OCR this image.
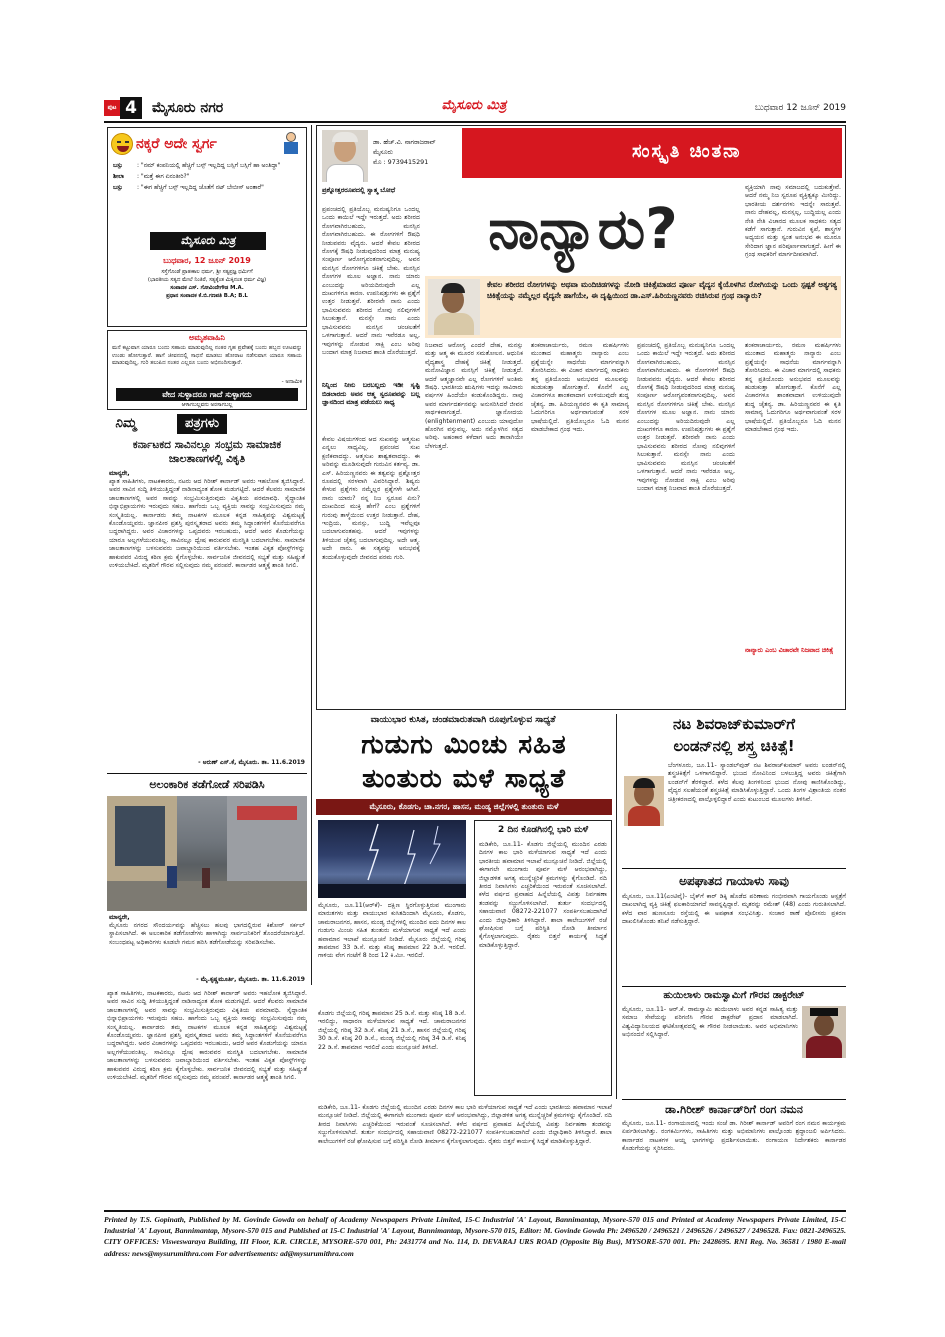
ಪುಟ 4	ಮೈಸೂರು ನಗರ	ಮೈಸೂರು ಮಿತ್ರ	ಬುಧವಾರ 12 ಜೂನ್ 2019
ನಕ್ಕರೆ ಅದೇ ಸ್ವರ್ಗ
ಬಸ್ಸು	: "ನಮ್ ಕಂಪನಿಯಲ್ಲಿ ಹೆಚ್ಚಿಗೆ ಬಸ್ಸ್ ಇಲ್ಲದಿದ್ದ ಬಸ್ಸಿಗೆ ಬಸ್ಸಿಗೆ ಹಾ ಅಂತಿದ್ದಾ"
ಶೀಲಾ	: "ಮತ್ತೆ ಈಗ ಏನಂತೀರಿ?"
ಬಸ್ಸು	: "ಈಗ ಹೆಚ್ಚಿಗೆ ಬಸ್ಸ್ ಇಲ್ಲದಿದ್ದ ಜೊತೆಗೆ ನಟ್ ಬೇಬೀಸ್ ಅಂತಾರೆ"
ಮೈಸೂರು ಮಿತ್ರ
ಬುಧವಾರ, 12 ಜೂನ್ 2019
ಸಸ್ತೆಗೊಂಡೆ ಪ್ರಾತಃಕಾಲ ಧರ್ಮ, ಶ್ರೀ ಸತ್ಯಪ್ರಜ್ಞ ಧರ್ಮಿಗೆ
(ಭಾರತೀಯ ಸತ್ಯದ ಮೇಲೆ ನಿಂತಿರೆ, ಸತ್ಯಕ್ಕೆಂತ ಮಿಕ್ಕಿನಂತ ಧರ್ಮ ವಿಜ್ಞ)
ಸಂಪಾದಕ ಎಸ್. ಗೋವಿಂದೇಗೌಡ M.A.
ಪ್ರಧಾನ ಸಂಪಾದಕ ಕೆ.ಬಿ.ಗಣಪತಿ B.A; B.L
ಅಮೃತವಾಹಿನಿ
ಮನೆ ಕಟ್ಟುವಾಗ ಯಾರೂ ಬಂದು ಸಹಾಯ ಮಾಡುವುದಿಲ್ಲ ನಂತರ ಗೃಹ ಪ್ರವೇಶಕ್ಕೆ ಬಂದು ಹಬ್ಬದ ಊಟವನ್ನು ಉಂಡು ಹೋಗುತ್ತಾರೆ. ಹಾಗೆ ಜೀವನದಲ್ಲಿ ಸಾಧನೆ ಮಾಡಲು ಹೋರಾಟ ನಡೆಸುವಾಗ ಯಾರೂ ಸಹಾಯ ಮಾಡುವುದಿಲ್ಲ, ಗುರಿ ತಲುಪಿದ ನಂತರ ಎಲ್ಲರೂ ಬಂದು ಅಭಿನಂದಿಸುತ್ತಾರೆ.
- ಅನಾಮಿಕ
ವೇದ ಸುಳ್ಳಾದರೂ ಗಾದೆ ಸುಳ್ಳಾಗದು
ಆಳಾಗಬಲ್ಲವನು ಅರಸಾಗಬಲ್ಲ
ನಿಮ್ಮ	ಪತ್ರಗಳು
ಕರ್ನಾಟಕದ ಸಾವಿನಲ್ಲೂ ಸಂಭ್ರಮ ಸಾಮಾಜಿಕ ಜಾಲತಾಣಗಳಲ್ಲಿ ವಿಕೃತಿ
ಮಾನ್ಯರೇ,
ಖ್ಯಾತ ಸಾಹಿತಿಗಳು, ನಾಟಕಕಾರರು, ನಟರು ಆದ ಗಿರೀಶ್ ಕಾರ್ನಾಡ್ ಅವರು ಇಹಲೋಕ ತ್ಯಜಿಸಿದ್ದಾರೆ. ಅವರ ಸಾವಿನ ಸುದ್ದಿ ತಿಳಿಯುತ್ತಿದ್ದಂತೆ ನಾಡಿನಾದ್ಯಂತ ಶೋಕ ಮಡುಗಟ್ಟಿದೆ. ಆದರೆ ಕೆಲವರು ಸಾಮಾಜಿಕ ಜಾಲತಾಣಗಳಲ್ಲಿ ಅವರ ಸಾವನ್ನು ಸಂಭ್ರಮಿಸುತ್ತಿರುವುದು ವಿಕೃತಿಯ ಪರಮಾವಧಿ. ಸೈದ್ಧಾಂತಿಕ ಭಿನ್ನಾಭಿಪ್ರಾಯಗಳು ಇರುವುದು ಸಹಜ. ಹಾಗೆಂದು ಒಬ್ಬ ವ್ಯಕ್ತಿಯ ಸಾವನ್ನು ಸಂಭ್ರಮಿಸುವುದು ನಮ್ಮ ಸಂಸ್ಕೃತಿಯಲ್ಲ. ಕಾರ್ನಾಡರು ತಮ್ಮ ನಾಟಕಗಳ ಮೂಲಕ ಕನ್ನಡ ಸಾಹಿತ್ಯವನ್ನು ವಿಶ್ವಮಟ್ಟಕ್ಕೆ ಕೊಂಡೊಯ್ದವರು. ಜ್ಞಾನಪೀಠ ಪ್ರಶಸ್ತಿ ಪುರಸ್ಕೃತರಾದ ಅವರು ತಮ್ಮ ಸಿದ್ಧಾಂತಗಳಿಗೆ ಕೊನೆಯವರೆಗೂ ಬದ್ಧರಾಗಿದ್ದರು. ಅವರ ವಿಚಾರಗಳನ್ನು ಒಪ್ಪದವರು ಇರಬಹುದು, ಆದರೆ ಅವರ ಕೊಡುಗೆಯನ್ನು ಯಾರೂ ಅಲ್ಲಗಳೆಯುವಂತಿಲ್ಲ. ಸಾವಿನಲ್ಲೂ ದ್ವೇಷ ಕಾರುವವರ ಮನಸ್ಥಿತಿ ಬದಲಾಗಬೇಕು. ಸಾಮಾಜಿಕ ಜಾಲತಾಣಗಳನ್ನು ಬಳಸುವವರು ಜವಾಬ್ದಾರಿಯಿಂದ ವರ್ತಿಸಬೇಕು. ಇಂತಹ ವಿಕೃತ ಪೋಸ್ಟ್‌ಗಳನ್ನು ಹಾಕುವವರ ವಿರುದ್ಧ ಕಠಿಣ ಕ್ರಮ ಕೈಗೊಳ್ಳಬೇಕು. ಸಾರ್ವಜನಿಕ ಜೀವನದಲ್ಲಿ ಸಭ್ಯತೆ ಮತ್ತು ಸಹಿಷ್ಣುತೆ ಉಳಿಯಬೇಕಿದೆ. ಮೃತರಿಗೆ ಗೌರವ ಸಲ್ಲಿಸುವುದು ನಮ್ಮ ಪರಂಪರೆ. ಕಾರ್ನಾಡರ ಆತ್ಮಕ್ಕೆ ಶಾಂತಿ ಸಿಗಲಿ.
- ಅರುಣ್ ಎಸ್.ಕೆ, ಮೈಸೂರು. ತಾ. 11.6.2019
ಅಲಂಕಾರಿಕ ತಡೆಗೋಡೆ ಸರಿಪಡಿಸಿ
ಮಾನ್ಯರೇ,
ಮೈಸೂರು ನಗರದ ಸೌಂದರ್ಯವನ್ನು ಹೆಚ್ಚಿಸಲು ಹಲವು ಭಾಗದಲ್ಲಿರುವ ಕಿಶೋರ್ ಸರ್ಕಲ್ ಸ್ಥಾಪಿಸಲಾಗಿದೆ. ಈ ಅಲಂಕಾರಿಕ ತಡೆಗೋಡೆಗಳು ಹಾಳಾಗಿದ್ದು ಸಾರ್ವಜನಿಕರಿಗೆ ತೊಂದರೆಯಾಗುತ್ತಿದೆ. ಸಂಬಂಧಪಟ್ಟ ಅಧಿಕಾರಿಗಳು ಕೂಡಲೇ ಗಮನ ಹರಿಸಿ ತಡೆಗೋಡೆಯನ್ನು ಸರಿಪಡಿಸಬೇಕು.
- ಮೈ.ಕೃಷ್ಣಮೂರ್ತಿ, ಮೈಸೂರು. ತಾ. 11.6.2019
ಡಾ. ಹೆಚ್.ವಿ. ನಾಗರಾಜರಾವ್
ಮೈಸೂರು
ಮೊ : 9739415291	ಸಂಸ್ಕೃತಿ ಚಿಂತನಾ
ಪ್ರಶ್ನೋತ್ತರರೂಪದಲ್ಲಿ ಸ್ವಾತ್ಮ ಬೋಧೆ
ಪ್ರಪಂಚದಲ್ಲಿ ಪ್ರತಿಯೊಬ್ಬ ಮನುಷ್ಯನಿಗೂ ಒಂದಲ್ಲ ಒಂದು ಕಾಯಿಲೆ ಇದ್ದೇ ಇರುತ್ತದೆ. ಅದು ಶರೀರದ ರೋಗವಾಗಿರಬಹುದು, ಮನಸ್ಸಿನ ರೋಗವಾಗಿರಬಹುದು. ಈ ರೋಗಗಳಿಗೆ ಔಷಧಿ ನೀಡುವವರು ವೈದ್ಯರು. ಆದರೆ ಕೇವಲ ಶರೀರದ ರೋಗಕ್ಕೆ ಔಷಧಿ ನೀಡುವುದರಿಂದ ಮಾತ್ರ ಮನುಷ್ಯ ಸಂಪೂರ್ಣ ಆರೋಗ್ಯವಂತನಾಗುವುದಿಲ್ಲ. ಅವನ ಮನಸ್ಸಿನ ರೋಗಗಳಿಗೂ ಚಿಕಿತ್ಸೆ ಬೇಕು. ಮನಸ್ಸಿನ ರೋಗಗಳ ಮೂಲ ಅಜ್ಞಾನ. ನಾನು ಯಾರು ಎಂಬುದನ್ನು ಅರಿಯದಿರುವುದೇ ಎಲ್ಲ ದುಃಖಗಳಿಗೂ ಕಾರಣ. ಉಪನಿಷತ್ತುಗಳು ಈ ಪ್ರಶ್ನೆಗೆ ಉತ್ತರ ನೀಡುತ್ತವೆ. ಶರೀರವೇ ನಾನು ಎಂದು ಭಾವಿಸುವವನು ಶರೀರದ ನೋವು ನಲಿವುಗಳಿಗೆ ಸಿಲುಕುತ್ತಾನೆ. ಮನಸ್ಸೇ ನಾನು ಎಂದು ಭಾವಿಸುವವನು ಮನಸ್ಸಿನ ಚಂಚಲತೆಗೆ ಒಳಗಾಗುತ್ತಾನೆ. ಆದರೆ ನಾನು ಇವೆರಡೂ ಅಲ್ಲ, ಇವುಗಳನ್ನು ನೋಡುವ ಸಾಕ್ಷಿ ಎಂಬ ಅರಿವು ಬಂದಾಗ ಮಾತ್ರ ನಿಜವಾದ ಶಾಂತಿ ದೊರೆಯುತ್ತದೆ.
ನಿನ್ನಿಂದ ನೀನು ಬರಬಲ್ಲದು ಇಡೀ ಸೃಷ್ಟಿ ಬಿಡಲಾರದು ಅವನ ಆತ್ಮ ಸ್ವರೂಪವನ್ನು ಬಲ್ಲ ಜ್ಞಾನದಿಂದ ಮಾತ್ರ ಪಡೆಯಲು ಸಾಧ್ಯ
ಕೇವಲ ವಿಷಯಗಳಿಂದ ಆದ ಸುಖವನ್ನು ಆತ್ಮಸುಖ ಎನ್ನಲು ಸಾಧ್ಯವಿಲ್ಲ. ಪ್ರಪಂಚದ ಸುಖ ಕ್ಷಣಿಕವಾದದ್ದು. ಆತ್ಮಸುಖ ಶಾಶ್ವತವಾದದ್ದು. ಈ ಅರಿವನ್ನು ಮೂಡಿಸುವುದೇ ಗುರುವಿನ ಕರ್ತವ್ಯ. ಡಾ. ಎಸ್. ಹಿರಿಯಣ್ಣನವರು ಈ ತತ್ವವನ್ನು ಪ್ರಶ್ನೋತ್ತರ ರೂಪದಲ್ಲಿ ಸರಳವಾಗಿ ವಿವರಿಸಿದ್ದಾರೆ. ಶಿಷ್ಯನು ಕೇಳುವ ಪ್ರಶ್ನೆಗಳು ನಮ್ಮೆಲ್ಲರ ಪ್ರಶ್ನೆಗಳೇ ಆಗಿವೆ. ನಾನು ಯಾರು? ನನ್ನ ನಿಜ ಸ್ವರೂಪ ಏನು? ದುಃಖದಿಂದ ಮುಕ್ತಿ ಹೇಗೆ? ಎಂಬ ಪ್ರಶ್ನೆಗಳಿಗೆ ಗುರುವು ತಾಳ್ಮೆಯಿಂದ ಉತ್ತರ ನೀಡುತ್ತಾನೆ. ದೇಹ, ಇಂದ್ರಿಯ, ಮನಸ್ಸು, ಬುದ್ಧಿ ಇವೆಲ್ಲವೂ ಬದಲಾಗುವಂತಹವು. ಆದರೆ ಇವುಗಳನ್ನು ತಿಳಿಯುವ ಚೈತನ್ಯ ಬದಲಾಗುವುದಿಲ್ಲ. ಅದೇ ಆತ್ಮ. ಅದೇ ನಾನು. ಈ ಸತ್ಯವನ್ನು ಅನುಭವಕ್ಕೆ ತಂದುಕೊಳ್ಳುವುದೇ ಜೀವನದ ಪರಮ ಗುರಿ.
ನಾನ್ಯಾರು?
ಕೇವಲ ಶರೀರದ ರೋಗಗಳನ್ನು ಅಥವಾ ಮಂದಿಚಿಡಗಳನ್ನು ನೋಡಿ ಚಿಕಿತ್ಸೆಮಾಡದ ಪೂರ್ಣ ವೈದ್ಯನ ಕೈಯೊಳಗಿನ ರೋಗಿಯನ್ನು ಒಂದು ಸ್ಪಷ್ಟತೆ ಅತ್ಯಗತ್ಯ ಚಿಕಿತ್ಸೆಯನ್ನು ನಮ್ಮೆಲ್ಲರ ವೈದ್ಯನೇ ಹಾಗೆಯೇ, ಈ ದೃಷ್ಟಿಯಿಂದ ಡಾ.ಎಸ್.ಹಿರಿಯಣ್ಣನವರು ರಚಿಸಿರುವ ಗ್ರಂಥ ನಾನ್ಯಾರು?
ನಿಜವಾದ ಆರೋಗ್ಯ ಎಂದರೆ ದೇಹ, ಮನಸ್ಸು ಮತ್ತು ಆತ್ಮ ಈ ಮೂರರ ಸಮತೋಲನ. ಆಧುನಿಕ ವೈದ್ಯಶಾಸ್ತ್ರ ದೇಹಕ್ಕೆ ಚಿಕಿತ್ಸೆ ನೀಡುತ್ತದೆ. ಮನೋವಿಜ್ಞಾನ ಮನಸ್ಸಿಗೆ ಚಿಕಿತ್ಸೆ ನೀಡುತ್ತದೆ. ಆದರೆ ಆತ್ಮಜ್ಞಾನವೇ ಎಲ್ಲ ರೋಗಗಳಿಗೆ ಅಂತಿಮ ಔಷಧಿ. ಭಾರತೀಯ ಋಷಿಗಳು ಇದನ್ನು ಸಾವಿರಾರು ವರ್ಷಗಳ ಹಿಂದೆಯೇ ಕಂಡುಕೊಂಡಿದ್ದರು. ನಾವು ಅವರ ಮಾರ್ಗದರ್ಶನವನ್ನು ಅನುಸರಿಸಿದರೆ ಜೀವನ ಸಾರ್ಥಕವಾಗುತ್ತದೆ. ಜ್ಞಾನೋದಯ (enlightenment) ಎಂಬುದು ಯಾವುದೋ ಹೊರಗಿನ ವಸ್ತುವಲ್ಲ. ಅದು ನಮ್ಮೊಳಗಿನ ಸತ್ಯದ ಅರಿವು. ಅಹಂಕಾರ ಕಳೆದಾಗ ಅದು ತಾನಾಗಿಯೇ ಬೆಳಗುತ್ತದೆ.
ಶಂಕರಾಚಾರ್ಯರು, ರಮಣ ಮಹರ್ಷಿಗಳು ಮುಂತಾದ ಮಹಾತ್ಮರು ನಾನ್ಯಾರು ಎಂಬ ಪ್ರಶ್ನೆಯನ್ನೇ ಸಾಧನೆಯ ಮಾರ್ಗವನ್ನಾಗಿ ತೋರಿಸಿದರು. ಈ ವಿಚಾರ ಮಾರ್ಗದಲ್ಲಿ ಸಾಧಕನು ತನ್ನ ಪ್ರತಿಯೊಂದು ಅನುಭವದ ಮೂಲವನ್ನು ಹುಡುಕುತ್ತಾ ಹೋಗುತ್ತಾನೆ. ಕೊನೆಗೆ ಎಲ್ಲ ವಿಚಾರಗಳೂ ಶಾಂತವಾದಾಗ ಉಳಿಯುವುದೇ ಶುದ್ಧ ಚೈತನ್ಯ. ಡಾ. ಹಿರಿಯಣ್ಣನವರ ಈ ಕೃತಿ ಸಾಮಾನ್ಯ ಓದುಗರಿಗೂ ಅರ್ಥವಾಗುವಂತೆ ಸರಳ ಭಾಷೆಯಲ್ಲಿದೆ. ಪ್ರತಿಯೊಬ್ಬರೂ ಓದಿ ಮನನ ಮಾಡಬೇಕಾದ ಗ್ರಂಥ ಇದು.
ಪ್ರಪಂಚದಲ್ಲಿ ಪ್ರತಿಯೊಬ್ಬ ಮನುಷ್ಯನಿಗೂ ಒಂದಲ್ಲ ಒಂದು ಕಾಯಿಲೆ ಇದ್ದೇ ಇರುತ್ತದೆ. ಅದು ಶರೀರದ ರೋಗವಾಗಿರಬಹುದು, ಮನಸ್ಸಿನ ರೋಗವಾಗಿರಬಹುದು. ಈ ರೋಗಗಳಿಗೆ ಔಷಧಿ ನೀಡುವವರು ವೈದ್ಯರು. ಆದರೆ ಕೇವಲ ಶರೀರದ ರೋಗಕ್ಕೆ ಔಷಧಿ ನೀಡುವುದರಿಂದ ಮಾತ್ರ ಮನುಷ್ಯ ಸಂಪೂರ್ಣ ಆರೋಗ್ಯವಂತನಾಗುವುದಿಲ್ಲ. ಅವನ ಮನಸ್ಸಿನ ರೋಗಗಳಿಗೂ ಚಿಕಿತ್ಸೆ ಬೇಕು. ಮನಸ್ಸಿನ ರೋಗಗಳ ಮೂಲ ಅಜ್ಞಾನ. ನಾನು ಯಾರು ಎಂಬುದನ್ನು ಅರಿಯದಿರುವುದೇ ಎಲ್ಲ ದುಃಖಗಳಿಗೂ ಕಾರಣ. ಉಪನಿಷತ್ತುಗಳು ಈ ಪ್ರಶ್ನೆಗೆ ಉತ್ತರ ನೀಡುತ್ತವೆ. ಶರೀರವೇ ನಾನು ಎಂದು ಭಾವಿಸುವವನು ಶರೀರದ ನೋವು ನಲಿವುಗಳಿಗೆ ಸಿಲುಕುತ್ತಾನೆ. ಮನಸ್ಸೇ ನಾನು ಎಂದು ಭಾವಿಸುವವನು ಮನಸ್ಸಿನ ಚಂಚಲತೆಗೆ ಒಳಗಾಗುತ್ತಾನೆ. ಆದರೆ ನಾನು ಇವೆರಡೂ ಅಲ್ಲ, ಇವುಗಳನ್ನು ನೋಡುವ ಸಾಕ್ಷಿ ಎಂಬ ಅರಿವು ಬಂದಾಗ ಮಾತ್ರ ನಿಜವಾದ ಶಾಂತಿ ದೊರೆಯುತ್ತದೆ.
ವ್ಯಕ್ತಿಯಾಗಿ ನಾವು ಸಮಾಜದಲ್ಲಿ ಬದುಕುತ್ತೇವೆ. ಆದರೆ ನಮ್ಮ ನಿಜ ಸ್ವರೂಪ ವ್ಯಕ್ತಿತ್ವಕ್ಕೂ ಮೀರಿದ್ದು. ಭಾರತೀಯ ದರ್ಶನಗಳು ಇದನ್ನೇ ಸಾರುತ್ತವೆ. ನಾನು ದೇಹವಲ್ಲ, ಮನಸ್ಸಲ್ಲ, ಬುದ್ಧಿಯಲ್ಲ ಎಂದು ನೇತಿ ನೇತಿ ವಿಚಾರದ ಮೂಲಕ ಸಾಧಕನು ಸತ್ಯದ ಕಡೆಗೆ ಸಾಗುತ್ತಾನೆ. ಗುರುವಿನ ಕೃಪೆ, ಶಾಸ್ತ್ರಗಳ ಅಧ್ಯಯನ ಮತ್ತು ಸ್ವಂತ ಅನುಭವ ಈ ಮೂರೂ ಸೇರಿದಾಗ ಜ್ಞಾನ ಪರಿಪೂರ್ಣವಾಗುತ್ತದೆ. ಹೀಗೆ ಈ ಗ್ರಂಥ ಸಾಧಕರಿಗೆ ಮಾರ್ಗದೀಪವಾಗಿದೆ.
ಶಂಕರಾಚಾರ್ಯರು, ರಮಣ ಮಹರ್ಷಿಗಳು ಮುಂತಾದ ಮಹಾತ್ಮರು ನಾನ್ಯಾರು ಎಂಬ ಪ್ರಶ್ನೆಯನ್ನೇ ಸಾಧನೆಯ ಮಾರ್ಗವನ್ನಾಗಿ ತೋರಿಸಿದರು. ಈ ವಿಚಾರ ಮಾರ್ಗದಲ್ಲಿ ಸಾಧಕನು ತನ್ನ ಪ್ರತಿಯೊಂದು ಅನುಭವದ ಮೂಲವನ್ನು ಹುಡುಕುತ್ತಾ ಹೋಗುತ್ತಾನೆ. ಕೊನೆಗೆ ಎಲ್ಲ ವಿಚಾರಗಳೂ ಶಾಂತವಾದಾಗ ಉಳಿಯುವುದೇ ಶುದ್ಧ ಚೈತನ್ಯ. ಡಾ. ಹಿರಿಯಣ್ಣನವರ ಈ ಕೃತಿ ಸಾಮಾನ್ಯ ಓದುಗರಿಗೂ ಅರ್ಥವಾಗುವಂತೆ ಸರಳ ಭಾಷೆಯಲ್ಲಿದೆ. ಪ್ರತಿಯೊಬ್ಬರೂ ಓದಿ ಮನನ ಮಾಡಬೇಕಾದ ಗ್ರಂಥ ಇದು.
ನಾನ್ಯಾರು ಎಂಬ ವಿಚಾರವೇ ನಿಜವಾದ ಚಿಕಿತ್ಸೆ
ವಾಯುಭಾರ ಕುಸಿತ, ಚಂಡಮಾರುತವಾಗಿ ರೂಪುಗೊಳ್ಳುವ ಸಾಧ್ಯತೆ
ಗುಡುಗು ಮಿಂಚು ಸಹಿತ
ತುಂತುರು ಮಳೆ ಸಾಧ್ಯತೆ
ಮೈಸೂರು, ಕೊಡಗು, ಚಾ.ನಗರ, ಹಾಸನ, ಮಂಡ್ಯ ಜಿಲ್ಲೆಗಳಲ್ಲಿ ತುಂತುರು ಮಳೆ
ಮೈಸೂರು, ಜೂ.11(ಆರ್‌ಕೆ)- ದಕ್ಷಿಣ ಸ್ಥಿರಗೊಳ್ಳುತ್ತಿರುವ ಮುಂಗಾರು ಮಾರುತಗಳು ಮತ್ತು ವಾಯುಭಾರ ಕುಸಿತದಿಂದಾಗಿ ಮೈಸೂರು, ಕೊಡಗು, ಚಾಮರಾಜನಗರ, ಹಾಸನ, ಮಂಡ್ಯ ಜಿಲ್ಲೆಗಳಲ್ಲಿ ಮುಂದಿನ ಐದು ದಿನಗಳ ಕಾಲ ಗುಡುಗು ಮಿಂಚು ಸಹಿತ ತುಂತುರು ಮಳೆಯಾಗುವ ಸಾಧ್ಯತೆ ಇದೆ ಎಂದು ಹವಾಮಾನ ಇಲಾಖೆ ಮುನ್ಸೂಚನೆ ನೀಡಿದೆ. ಮೈಸೂರು ಜಿಲ್ಲೆಯಲ್ಲಿ ಗರಿಷ್ಠ ತಾಪಮಾನ 33 ಡಿ.ಸೆ. ಮತ್ತು ಕನಿಷ್ಠ ತಾಪಮಾನ 22 ಡಿ.ಸೆ. ಇರಲಿದೆ. ಗಾಳಿಯ ವೇಗ ಗಂಟೆಗೆ 8 ರಿಂದ 12 ಕಿ.ಮೀ. ಇರಲಿದೆ.
ಕೊಡಗು ಜಿಲ್ಲೆಯಲ್ಲಿ ಗರಿಷ್ಠ ತಾಪಮಾನ 25 ಡಿ.ಸೆ. ಮತ್ತು ಕನಿಷ್ಠ 18 ಡಿ.ಸೆ. ಇರಲಿದ್ದು, ಸಾಧಾರಣ ಮಳೆಯಾಗುವ ಸಾಧ್ಯತೆ ಇದೆ. ಚಾಮರಾಜನಗರ ಜಿಲ್ಲೆಯಲ್ಲಿ ಗರಿಷ್ಠ 32 ಡಿ.ಸೆ. ಕನಿಷ್ಠ 21 ಡಿ.ಸೆ., ಹಾಸನ ಜಿಲ್ಲೆಯಲ್ಲಿ ಗರಿಷ್ಠ 30 ಡಿ.ಸೆ. ಕನಿಷ್ಠ 20 ಡಿ.ಸೆ., ಮಂಡ್ಯ ಜಿಲ್ಲೆಯಲ್ಲಿ ಗರಿಷ್ಠ 34 ಡಿ.ಸೆ. ಕನಿಷ್ಠ 22 ಡಿ.ಸೆ. ತಾಪಮಾನ ಇರಲಿದೆ ಎಂದು ಮುನ್ಸೂಚನೆ ತಿಳಿಸಿದೆ.
2 ದಿನ ಕೊಡಗಿನಲ್ಲಿ ಭಾರಿ ಮಳೆ
ಮಡಿಕೇರಿ, ಜೂ.11- ಕೊಡಗು ಜಿಲ್ಲೆಯಲ್ಲಿ ಮುಂದಿನ ಎರಡು ದಿನಗಳ ಕಾಲ ಭಾರಿ ಮಳೆಯಾಗುವ ಸಾಧ್ಯತೆ ಇದೆ ಎಂದು ಭಾರತೀಯ ಹವಾಮಾನ ಇಲಾಖೆ ಮುನ್ಸೂಚನೆ ನೀಡಿದೆ. ಜಿಲ್ಲೆಯಲ್ಲಿ ಈಗಾಗಲೇ ಮುಂಗಾರು ಪೂರ್ವ ಮಳೆ ಆರಂಭವಾಗಿದ್ದು, ಜಿಲ್ಲಾಡಳಿತ ಅಗತ್ಯ ಮುನ್ನೆಚ್ಚರಿಕೆ ಕ್ರಮಗಳನ್ನು ಕೈಗೊಂಡಿದೆ. ನದಿ ತೀರದ ನಿವಾಸಿಗಳು ಎಚ್ಚರಿಕೆಯಿಂದ ಇರುವಂತೆ ಸೂಚಿಸಲಾಗಿದೆ. ಕಳೆದ ವರ್ಷದ ಪ್ರವಾಹದ ಹಿನ್ನೆಲೆಯಲ್ಲಿ ವಿಪತ್ತು ನಿರ್ವಹಣಾ ತಂಡವನ್ನು ಸಜ್ಜುಗೊಳಿಸಲಾಗಿದೆ. ತುರ್ತು ಸಂದರ್ಭದಲ್ಲಿ ಸಹಾಯವಾಣಿ 08272-221077 ಸಂಪರ್ಕಿಸಬಹುದಾಗಿದೆ ಎಂದು ಜಿಲ್ಲಾಧಿಕಾರಿ ತಿಳಿಸಿದ್ದಾರೆ. ಶಾಲಾ ಕಾಲೇಜುಗಳಿಗೆ ರಜೆ ಘೋಷಿಸುವ ಬಗ್ಗೆ ಪರಿಸ್ಥಿತಿ ನೋಡಿ ತೀರ್ಮಾನ ಕೈಗೊಳ್ಳಲಾಗುವುದು. ರೈತರು ಬಿತ್ತನೆ ಕಾರ್ಯಕ್ಕೆ ಸಿದ್ಧತೆ ಮಾಡಿಕೊಳ್ಳುತ್ತಿದ್ದಾರೆ.
ನಟ ಶಿವರಾಜ್‌ಕುಮಾರ್‌ಗೆ
ಲಂಡನ್‌ನಲ್ಲಿ ಶಸ್ತ್ರ ಚಿಕಿತ್ಸೆ!
ಬೆಂಗಳೂರು, ಜೂ.11- ಸ್ಯಾಂಡಲ್‌ವುಡ್ ನಟ ಶಿವರಾಜ್‌ಕುಮಾರ್ ಅವರು ಲಂಡನ್‌ನಲ್ಲಿ ಶಸ್ತ್ರಚಿಕಿತ್ಸೆಗೆ ಒಳಗಾಗಲಿದ್ದಾರೆ. ಭುಜದ ನೋವಿನಿಂದ ಬಳಲುತ್ತಿದ್ದ ಅವರು ಚಿಕಿತ್ಸೆಗಾಗಿ ಲಂಡನ್‌ಗೆ ತೆರಳಿದ್ದಾರೆ. ಕಳೆದ ಕೆಲವು ತಿಂಗಳಿನಿಂದ ಭುಜದ ನೋವು ಕಾಣಿಸಿಕೊಂಡಿದ್ದು, ವೈದ್ಯರ ಸಲಹೆಯಂತೆ ಶಸ್ತ್ರಚಿಕಿತ್ಸೆ ಮಾಡಿಸಿಕೊಳ್ಳುತ್ತಿದ್ದಾರೆ. ಒಂದು ತಿಂಗಳ ವಿಶ್ರಾಂತಿಯ ನಂತರ ಚಿತ್ರೀಕರಣದಲ್ಲಿ ಪಾಲ್ಗೊಳ್ಳಲಿದ್ದಾರೆ ಎಂದು ಕುಟುಂಬದ ಮೂಲಗಳು ತಿಳಿಸಿವೆ.
ಅಪಘಾತದ ಗಾಯಾಳು ಸಾವು
ಮೈಸೂರು, ಜೂ.11(ಎಂಟಿವೈ)- ಬೈಕ್‌ಗೆ ಕಾರ್ ಡಿಕ್ಕಿ ಹೊಡೆದ ಪರಿಣಾಮ ಗಂಭೀರವಾಗಿ ಗಾಯಗೊಂಡು ಆಸ್ಪತ್ರೆಗೆ ದಾಖಲಾಗಿದ್ದ ವ್ಯಕ್ತಿ ಚಿಕಿತ್ಸೆ ಫಲಕಾರಿಯಾಗದೆ ಸಾವನ್ನಪ್ಪಿದ್ದಾರೆ. ಮೃತರನ್ನು ರಮೇಶ್ (48) ಎಂದು ಗುರುತಿಸಲಾಗಿದೆ. ಕಳೆದ ವಾರ ಹುಣಸೂರು ರಸ್ತೆಯಲ್ಲಿ ಈ ಅಪಘಾತ ಸಂಭವಿಸಿತ್ತು. ಸಂಚಾರ ಠಾಣೆ ಪೊಲೀಸರು ಪ್ರಕರಣ ದಾಖಲಿಸಿಕೊಂಡು ತನಿಖೆ ನಡೆಸುತ್ತಿದ್ದಾರೆ.
ಹುಯಿಲಾಳು ರಾಮಸ್ವಾಮಿಗೆ ಗೌರವ ಡಾಕ್ಟರೇಟ್
ಮೈಸೂರು, ಜೂ.11- ಆರ್.ಕೆ. ರಾಮಸ್ವಾಮಿ ಹುಯಿಲಾಳು ಅವರ ಕನ್ನಡ ಸಾಹಿತ್ಯ ಮತ್ತು ಸಮಾಜ ಸೇವೆಯನ್ನು ಪರಿಗಣಿಸಿ ಗೌರವ ಡಾಕ್ಟರೇಟ್ ಪ್ರದಾನ ಮಾಡಲಾಗಿದೆ. ವಿಶ್ವವಿದ್ಯಾನಿಲಯದ ಘಟಿಕೋತ್ಸವದಲ್ಲಿ ಈ ಗೌರವ ನೀಡಲಾಯಿತು. ಅವರ ಅಭಿಮಾನಿಗಳು ಅಭಿನಂದನೆ ಸಲ್ಲಿಸಿದ್ದಾರೆ.
ಡಾ.ಗಿರೀಶ್ ಕಾರ್ನಾಡ್‌ರಿಗೆ ರಂಗ ನಮನ
ಖ್ಯಾತ ಸಾಹಿತಿಗಳು, ನಾಟಕಕಾರರು, ನಟರು ಆದ ಗಿರೀಶ್ ಕಾರ್ನಾಡ್ ಅವರು ಇಹಲೋಕ ತ್ಯಜಿಸಿದ್ದಾರೆ. ಅವರ ಸಾವಿನ ಸುದ್ದಿ ತಿಳಿಯುತ್ತಿದ್ದಂತೆ ನಾಡಿನಾದ್ಯಂತ ಶೋಕ ಮಡುಗಟ್ಟಿದೆ. ಆದರೆ ಕೆಲವರು ಸಾಮಾಜಿಕ ಜಾಲತಾಣಗಳಲ್ಲಿ ಅವರ ಸಾವನ್ನು ಸಂಭ್ರಮಿಸುತ್ತಿರುವುದು ವಿಕೃತಿಯ ಪರಮಾವಧಿ. ಸೈದ್ಧಾಂತಿಕ ಭಿನ್ನಾಭಿಪ್ರಾಯಗಳು ಇರುವುದು ಸಹಜ. ಹಾಗೆಂದು ಒಬ್ಬ ವ್ಯಕ್ತಿಯ ಸಾವನ್ನು ಸಂಭ್ರಮಿಸುವುದು ನಮ್ಮ ಸಂಸ್ಕೃತಿಯಲ್ಲ. ಕಾರ್ನಾಡರು ತಮ್ಮ ನಾಟಕಗಳ ಮೂಲಕ ಕನ್ನಡ ಸಾಹಿತ್ಯವನ್ನು ವಿಶ್ವಮಟ್ಟಕ್ಕೆ ಕೊಂಡೊಯ್ದವರು. ಜ್ಞಾನಪೀಠ ಪ್ರಶಸ್ತಿ ಪುರಸ್ಕೃತರಾದ ಅವರು ತಮ್ಮ ಸಿದ್ಧಾಂತಗಳಿಗೆ ಕೊನೆಯವರೆಗೂ ಬದ್ಧರಾಗಿದ್ದರು. ಅವರ ವಿಚಾರಗಳನ್ನು ಒಪ್ಪದವರು ಇರಬಹುದು, ಆದರೆ ಅವರ ಕೊಡುಗೆಯನ್ನು ಯಾರೂ ಅಲ್ಲಗಳೆಯುವಂತಿಲ್ಲ. ಸಾವಿನಲ್ಲೂ ದ್ವೇಷ ಕಾರುವವರ ಮನಸ್ಥಿತಿ ಬದಲಾಗಬೇಕು. ಸಾಮಾಜಿಕ ಜಾಲತಾಣಗಳನ್ನು ಬಳಸುವವರು ಜವಾಬ್ದಾರಿಯಿಂದ ವರ್ತಿಸಬೇಕು. ಇಂತಹ ವಿಕೃತ ಪೋಸ್ಟ್‌ಗಳನ್ನು ಹಾಕುವವರ ವಿರುದ್ಧ ಕಠಿಣ ಕ್ರಮ ಕೈಗೊಳ್ಳಬೇಕು. ಸಾರ್ವಜನಿಕ ಜೀವನದಲ್ಲಿ ಸಭ್ಯತೆ ಮತ್ತು ಸಹಿಷ್ಣುತೆ ಉಳಿಯಬೇಕಿದೆ. ಮೃತರಿಗೆ ಗೌರವ ಸಲ್ಲಿಸುವುದು ನಮ್ಮ ಪರಂಪರೆ. ಕಾರ್ನಾಡರ ಆತ್ಮಕ್ಕೆ ಶಾಂತಿ ಸಿಗಲಿ.
ಮಡಿಕೇರಿ, ಜೂ.11- ಕೊಡಗು ಜಿಲ್ಲೆಯಲ್ಲಿ ಮುಂದಿನ ಎರಡು ದಿನಗಳ ಕಾಲ ಭಾರಿ ಮಳೆಯಾಗುವ ಸಾಧ್ಯತೆ ಇದೆ ಎಂದು ಭಾರತೀಯ ಹವಾಮಾನ ಇಲಾಖೆ ಮುನ್ಸೂಚನೆ ನೀಡಿದೆ. ಜಿಲ್ಲೆಯಲ್ಲಿ ಈಗಾಗಲೇ ಮುಂಗಾರು ಪೂರ್ವ ಮಳೆ ಆರಂಭವಾಗಿದ್ದು, ಜಿಲ್ಲಾಡಳಿತ ಅಗತ್ಯ ಮುನ್ನೆಚ್ಚರಿಕೆ ಕ್ರಮಗಳನ್ನು ಕೈಗೊಂಡಿದೆ. ನದಿ ತೀರದ ನಿವಾಸಿಗಳು ಎಚ್ಚರಿಕೆಯಿಂದ ಇರುವಂತೆ ಸೂಚಿಸಲಾಗಿದೆ. ಕಳೆದ ವರ್ಷದ ಪ್ರವಾಹದ ಹಿನ್ನೆಲೆಯಲ್ಲಿ ವಿಪತ್ತು ನಿರ್ವಹಣಾ ತಂಡವನ್ನು ಸಜ್ಜುಗೊಳಿಸಲಾಗಿದೆ. ತುರ್ತು ಸಂದರ್ಭದಲ್ಲಿ ಸಹಾಯವಾಣಿ 08272-221077 ಸಂಪರ್ಕಿಸಬಹುದಾಗಿದೆ ಎಂದು ಜಿಲ್ಲಾಧಿಕಾರಿ ತಿಳಿಸಿದ್ದಾರೆ. ಶಾಲಾ ಕಾಲೇಜುಗಳಿಗೆ ರಜೆ ಘೋಷಿಸುವ ಬಗ್ಗೆ ಪರಿಸ್ಥಿತಿ ನೋಡಿ ತೀರ್ಮಾನ ಕೈಗೊಳ್ಳಲಾಗುವುದು. ರೈತರು ಬಿತ್ತನೆ ಕಾರ್ಯಕ್ಕೆ ಸಿದ್ಧತೆ ಮಾಡಿಕೊಳ್ಳುತ್ತಿದ್ದಾರೆ.
ಮೈಸೂರು, ಜೂ.11- ರಂಗಾಯಣದಲ್ಲಿ ಇಂದು ಸಂಜೆ ಡಾ. ಗಿರೀಶ್ ಕಾರ್ನಾಡ್ ಅವರಿಗೆ ರಂಗ ನಮನ ಕಾರ್ಯಕ್ರಮ ಏರ್ಪಡಿಸಲಾಗಿತ್ತು. ರಂಗಕರ್ಮಿಗಳು, ಸಾಹಿತಿಗಳು ಮತ್ತು ಅಭಿಮಾನಿಗಳು ಪಾಲ್ಗೊಂಡು ಶ್ರದ್ಧಾಂಜಲಿ ಅರ್ಪಿಸಿದರು. ಕಾರ್ನಾಡರ ನಾಟಕಗಳ ಆಯ್ದ ಭಾಗಗಳನ್ನು ಪ್ರದರ್ಶಿಸಲಾಯಿತು. ರಂಗಾಯಣ ನಿರ್ದೇಶಕರು ಕಾರ್ನಾಡರ ಕೊಡುಗೆಯನ್ನು ಸ್ಮರಿಸಿದರು.
Printed by T.S. Gopinath, Published by M. Govinde Gowda on behalf of Academy Newspapers Private Limited, 15-C Industrial 'A' Layout, Bannimantap, Mysore-570 015 and Printed at Academy Newspapers Private Limited, 15-C Industrial 'A' Layout, Bannimantap, Mysore-570 015 and Published at 15-C Industrial 'A' Layout, Bannimantap, Mysore-570 015, Editor: M. Govinde Gowda Ph: 2496520 / 2496521 / 2496526 / 2496527 / 2496528. Fax: 0821-2496525. CITY OFFICES: Visweswaraya Building, III Floor, K.R. CIRCLE, MYSORE-570 001, Ph: 2431774 and No. 114, D. DEVARAJ URS ROAD (Opposite Big Bus), MYSORE-570 001. Ph: 2428695. RNI Reg. No. 36581 / 1980 E-mail address: news@mysurumithra.com For advertisements: ad@mysurumithra.com
